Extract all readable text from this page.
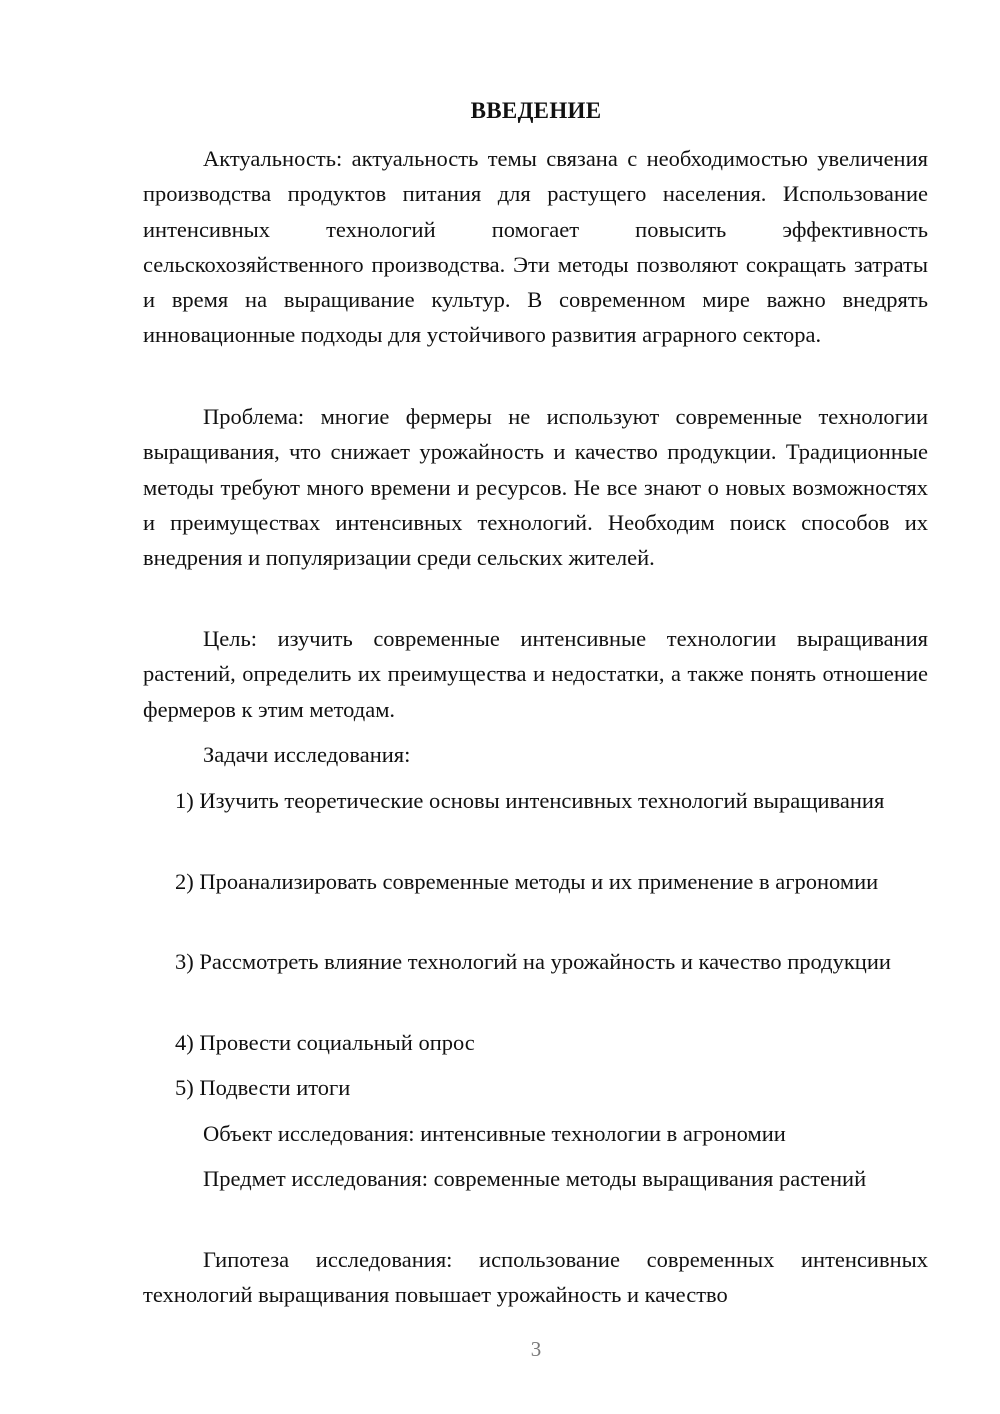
ВВЕДЕНИЕ

Актуальность: актуальность темы связана с необходимостью увеличения производства продуктов питания для растущего населения. Использование интенсивных технологий помогает повысить эффективность сельскохозяйственного производства. Эти методы позволяют сокращать затраты и время на выращивание культур. В современном мире важно внедрять инновационные подходы для устойчивого развития аграрного сектора.

Проблема: многие фермеры не используют современные технологии выращивания, что снижает урожайность и качество продукции. Традиционные методы требуют много времени и ресурсов. Не все знают о новых возможностях и преимуществах интенсивных технологий. Необходим поиск способов их внедрения и популяризации среди сельских жителей.

Цель: изучить современные интенсивные технологии выращивания растений, определить их преимущества и недостатки, а также понять отношение фермеров к этим методам.

Задачи исследования:

1) Изучить теоретические основы интенсивных технологий выращивания

2) Проанализировать современные методы и их применение в агрономии

3) Рассмотреть влияние технологий на урожайность и качество продукции

4) Провести социальный опрос

5) Подвести итоги

Объект исследования: интенсивные технологии в агрономии

Предмет исследования: современные методы выращивания растений

Гипотеза исследования: использование современных интенсивных технологий выращивания повышает урожайность и качество

3
